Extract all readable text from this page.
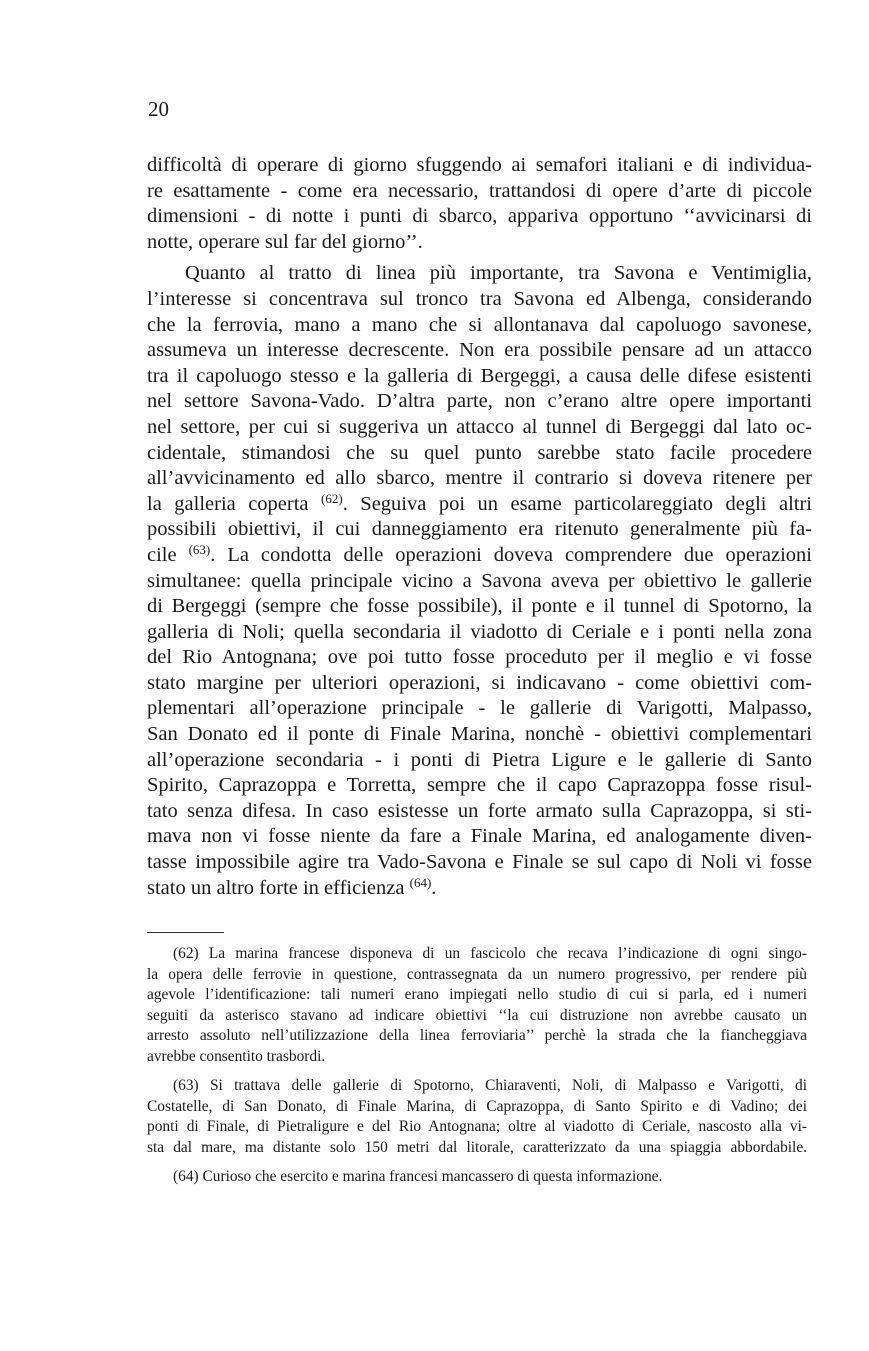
20
difficoltà di operare di giorno sfuggendo ai semafori italiani e di individua-
re esattamente - come era necessario, trattandosi di opere d’arte di piccole
dimensioni - di notte i punti di sbarco, appariva opportuno ‘‘avvicinarsi di
notte, operare sul far del giorno’’.
Quanto al tratto di linea più importante, tra Savona e Ventimiglia,
l’interesse si concentrava sul tronco tra Savona ed Albenga, considerando
che la ferrovia, mano a mano che si allontanava dal capoluogo savonese,
assumeva un interesse decrescente. Non era possibile pensare ad un attacco
tra il capoluogo stesso e la galleria di Bergeggi, a causa delle difese esistenti
nel settore Savona-Vado. D’altra parte, non c’erano altre opere importanti
nel settore, per cui si suggeriva un attacco al tunnel di Bergeggi dal lato oc-
cidentale, stimandosi che su quel punto sarebbe stato facile procedere
all’avvicinamento ed allo sbarco, mentre il contrario si doveva ritenere per
la galleria coperta $^{(62)}$. Seguiva poi un esame particolareggiato degli altri
possibili obiettivi, il cui danneggiamento era ritenuto generalmente più fa-
cile $^{(63)}$. La condotta delle operazioni doveva comprendere due operazioni
simultanee: quella principale vicino a Savona aveva per obiettivo le gallerie
di Bergeggi (sempre che fosse possibile), il ponte e il tunnel di Spotorno, la
galleria di Noli; quella secondaria il viadotto di Ceriale e i ponti nella zona
del Rio Antognana; ove poi tutto fosse proceduto per il meglio e vi fosse
stato margine per ulteriori operazioni, si indicavano - come obiettivi com-
plementari all’operazione principale - le gallerie di Varigotti, Malpasso,
San Donato ed il ponte di Finale Marina, nonchè - obiettivi complementari
all’operazione secondaria - i ponti di Pietra Ligure e le gallerie di Santo
Spirito, Caprazoppa e Torretta, sempre che il capo Caprazoppa fosse risul-
tato senza difesa. In caso esistesse un forte armato sulla Caprazoppa, si sti-
mava non vi fosse niente da fare a Finale Marina, ed analogamente diven-
tasse impossibile agire tra Vado-Savona e Finale se sul capo di Noli vi fosse
stato un altro forte in efficienza $^{(64)}$.
(62) La marina francese disponeva di un fascicolo che recava l’indicazione di ogni singo-
la opera delle ferrovie in questione, contrassegnata da un numero progressivo, per rendere più
agevole l’identificazione: tali numeri erano impiegati nello studio di cui si parla, ed i numeri
seguiti da asterisco stavano ad indicare obiettivi ‘‘la cui distruzione non avrebbe causato un
arresto assoluto nell’utilizzazione della linea ferroviaria’’ perchè la strada che la fiancheggiava
avrebbe consentito trasbordi.
(63) Si trattava delle gallerie di Spotorno, Chiaraventi, Noli, di Malpasso e Varigotti, di
Costatelle, di San Donato, di Finale Marina, di Caprazoppa, di Santo Spirito e di Vadino; dei
ponti di Finale, di Pietraligure e del Rio Antognana; oltre al viadotto di Ceriale, nascosto alla vi-
sta dal mare, ma distante solo 150 metri dal litorale, caratterizzato da una spiaggia abbordabile.
(64) Curioso che esercito e marina francesi mancassero di questa informazione.
